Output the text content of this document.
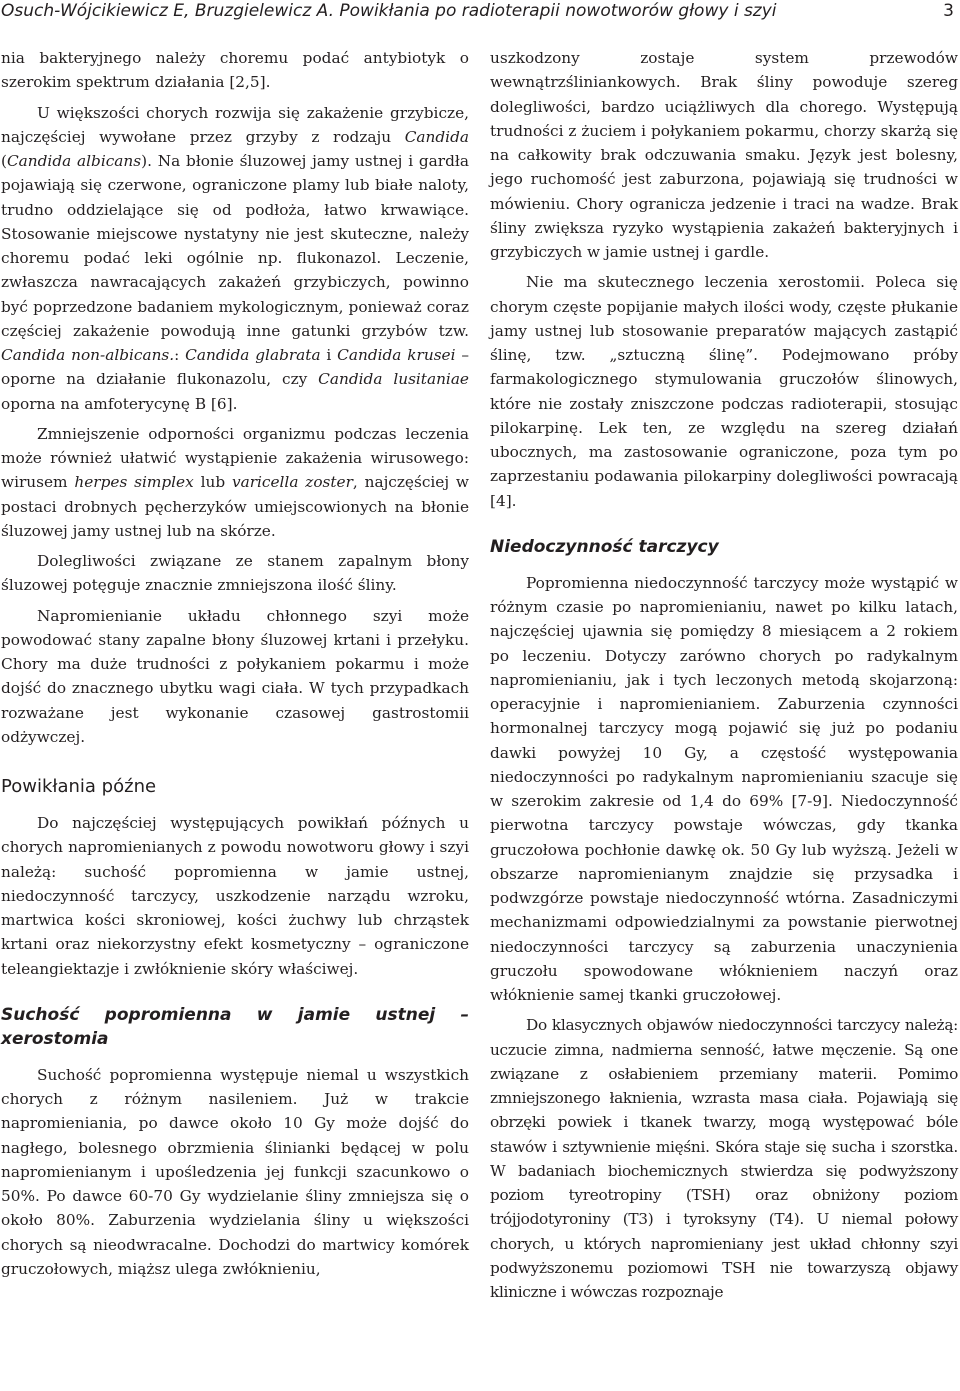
Osuch-Wójcikiewicz E, Bruzgielewicz A. Powikłania po radioterapii nowotworów głowy i szyi	3

nia bakteryjnego należy choremu podać antybiotyk o szerokim spektrum działania [2,5].

U większości chorych rozwija się zakażenie grzybicze, najczęściej wywołane przez grzyby z rodzaju Candida (Candida albicans). Na błonie śluzowej jamy ustnej i gardła pojawiają się czerwone, ograniczone plamy lub białe naloty, trudno oddzielające się od podłoża, łatwo krwawiące. Stosowanie miejscowe nystatyny nie jest skuteczne, należy choremu podać leki ogólnie np. flukonazol. Leczenie, zwłaszcza nawracających zakażeń grzybiczych, powinno być poprzedzone badaniem mykologicznym, ponieważ coraz częściej zakażenie powodują inne gatunki grzybów tzw. Candida non-albicans.: Candida glabrata i Candida krusei – oporne na działanie flukonazolu, czy Candida lusitaniae oporna na amfoterycynę B [6].

Zmniejszenie odporności organizmu podczas leczenia może również ułatwić wystąpienie zakażenia wirusowego: wirusem herpes simplex lub varicella zoster, najczęściej w postaci drobnych pęcherzyków umiejscowionych na błonie śluzowej jamy ustnej lub na skórze.

Dolegliwości związane ze stanem zapalnym błony śluzowej potęguje znacznie zmniejszona ilość śliny.

Napromienianie układu chłonnego szyi może powodować stany zapalne błony śluzowej krtani i przełyku. Chory ma duże trudności z połykaniem pokarmu i może dojść do znacznego ubytku wagi ciała. W tych przypadkach rozważane jest wykonanie czasowej gastrostomii odżywczej.

Powikłania późne

Do najczęściej występujących powikłań późnych u chorych napromienianych z powodu nowotworu głowy i szyi należą: suchość popromienna w jamie ustnej, niedoczynność tarczycy, uszkodzenie narządu wzroku, martwica kości skroniowej, kości żuchwy lub chrząstek krtani oraz niekorzystny efekt kosmetyczny – ograniczone teleangiektazje i zwłóknienie skóry właściwej.

Suchość popromienna w jamie ustnej – xerostomia

Suchość popromienna występuje niemal u wszystkich chorych z różnym nasileniem. Już w trakcie napromieniania, po dawce około 10 Gy może dojść do nagłego, bolesnego obrzmienia ślinianki będącej w polu napromienianym i upośledzenia jej funkcji szacunkowo o 50%. Po dawce 60-70 Gy wydzielanie śliny zmniejsza się o około 80%. Zaburzenia wydzielania śliny u większości chorych są nieodwracalne. Dochodzi do martwicy komórek gruczołowych, miąższ ulega zwłóknieniu,

uszkodzony zostaje system przewodów wewnątrzśliniankowych. Brak śliny powoduje szereg dolegliwości, bardzo uciążliwych dla chorego. Występują trudności z żuciem i połykaniem pokarmu, chorzy skarżą się na całkowity brak odczuwania smaku. Język jest bolesny, jego ruchomość jest zaburzona, pojawiają się trudności w mówieniu. Chory ogranicza jedzenie i traci na wadze. Brak śliny zwiększa ryzyko wystąpienia zakażeń bakteryjnych i grzybiczych w jamie ustnej i gardle.

Nie ma skutecznego leczenia xerostomii. Poleca się chorym częste popijanie małych ilości wody, częste płukanie jamy ustnej lub stosowanie preparatów mających zastąpić ślinę, tzw. „sztuczną ślinę”. Podejmowano próby farmakologicznego stymulowania gruczołów ślinowych, które nie zostały zniszczone podczas radioterapii, stosując pilokarpinę. Lek ten, ze względu na szereg działań ubocznych, ma zastosowanie ograniczone, poza tym po zaprzestaniu podawania pilokarpiny dolegliwości powracają [4].

Niedoczynność tarczycy

Popromienna niedoczynność tarczycy może wystąpić w różnym czasie po napromienianiu, nawet po kilku latach, najczęściej ujawnia się pomiędzy 8 miesiącem a 2 rokiem po leczeniu. Dotyczy zarówno chorych po radykalnym napromienianiu, jak i tych leczonych metodą skojarzoną: operacyjnie i napromienianiem. Zaburzenia czynności hormonalnej tarczycy mogą pojawić się już po podaniu dawki powyżej 10 Gy, a częstość występowania niedoczynności po radykalnym napromienianiu szacuje się w szerokim zakresie od 1,4 do 69% [7-9]. Niedoczynność pierwotna tarczycy powstaje wówczas, gdy tkanka gruczołowa pochłonie dawkę ok. 50 Gy lub wyższą. Jeżeli w obszarze napromienianym znajdzie się przysadka i podwzgórze powstaje niedoczynność wtórna. Zasadniczymi mechanizmami odpowiedzialnymi za powstanie pierwotnej niedoczynności tarczycy są zaburzenia unaczynienia gruczołu spowodowane włóknieniem naczyń oraz włóknienie samej tkanki gruczołowej.

Do klasycznych objawów niedoczynności tarczycy należą: uczucie zimna, nadmierna senność, łatwe męczenie. Są one związane z osłabieniem przemiany materii. Pomimo zmniejszonego łaknienia, wzrasta masa ciała. Pojawiają się obrzęki powiek i tkanek twarzy, mogą występować bóle stawów i sztywnienie mięśni. Skóra staje się sucha i szorstka. W badaniach biochemicznych stwierdza się podwyższony poziom tyreotropiny (TSH) oraz obniżony poziom trójjodotyroniny (T3) i tyroksyny (T4). U niemal połowy chorych, u których napromieniany jest układ chłonny szyi podwyższonemu poziomowi TSH nie towarzyszą objawy kliniczne i wówczas rozpoznaje
